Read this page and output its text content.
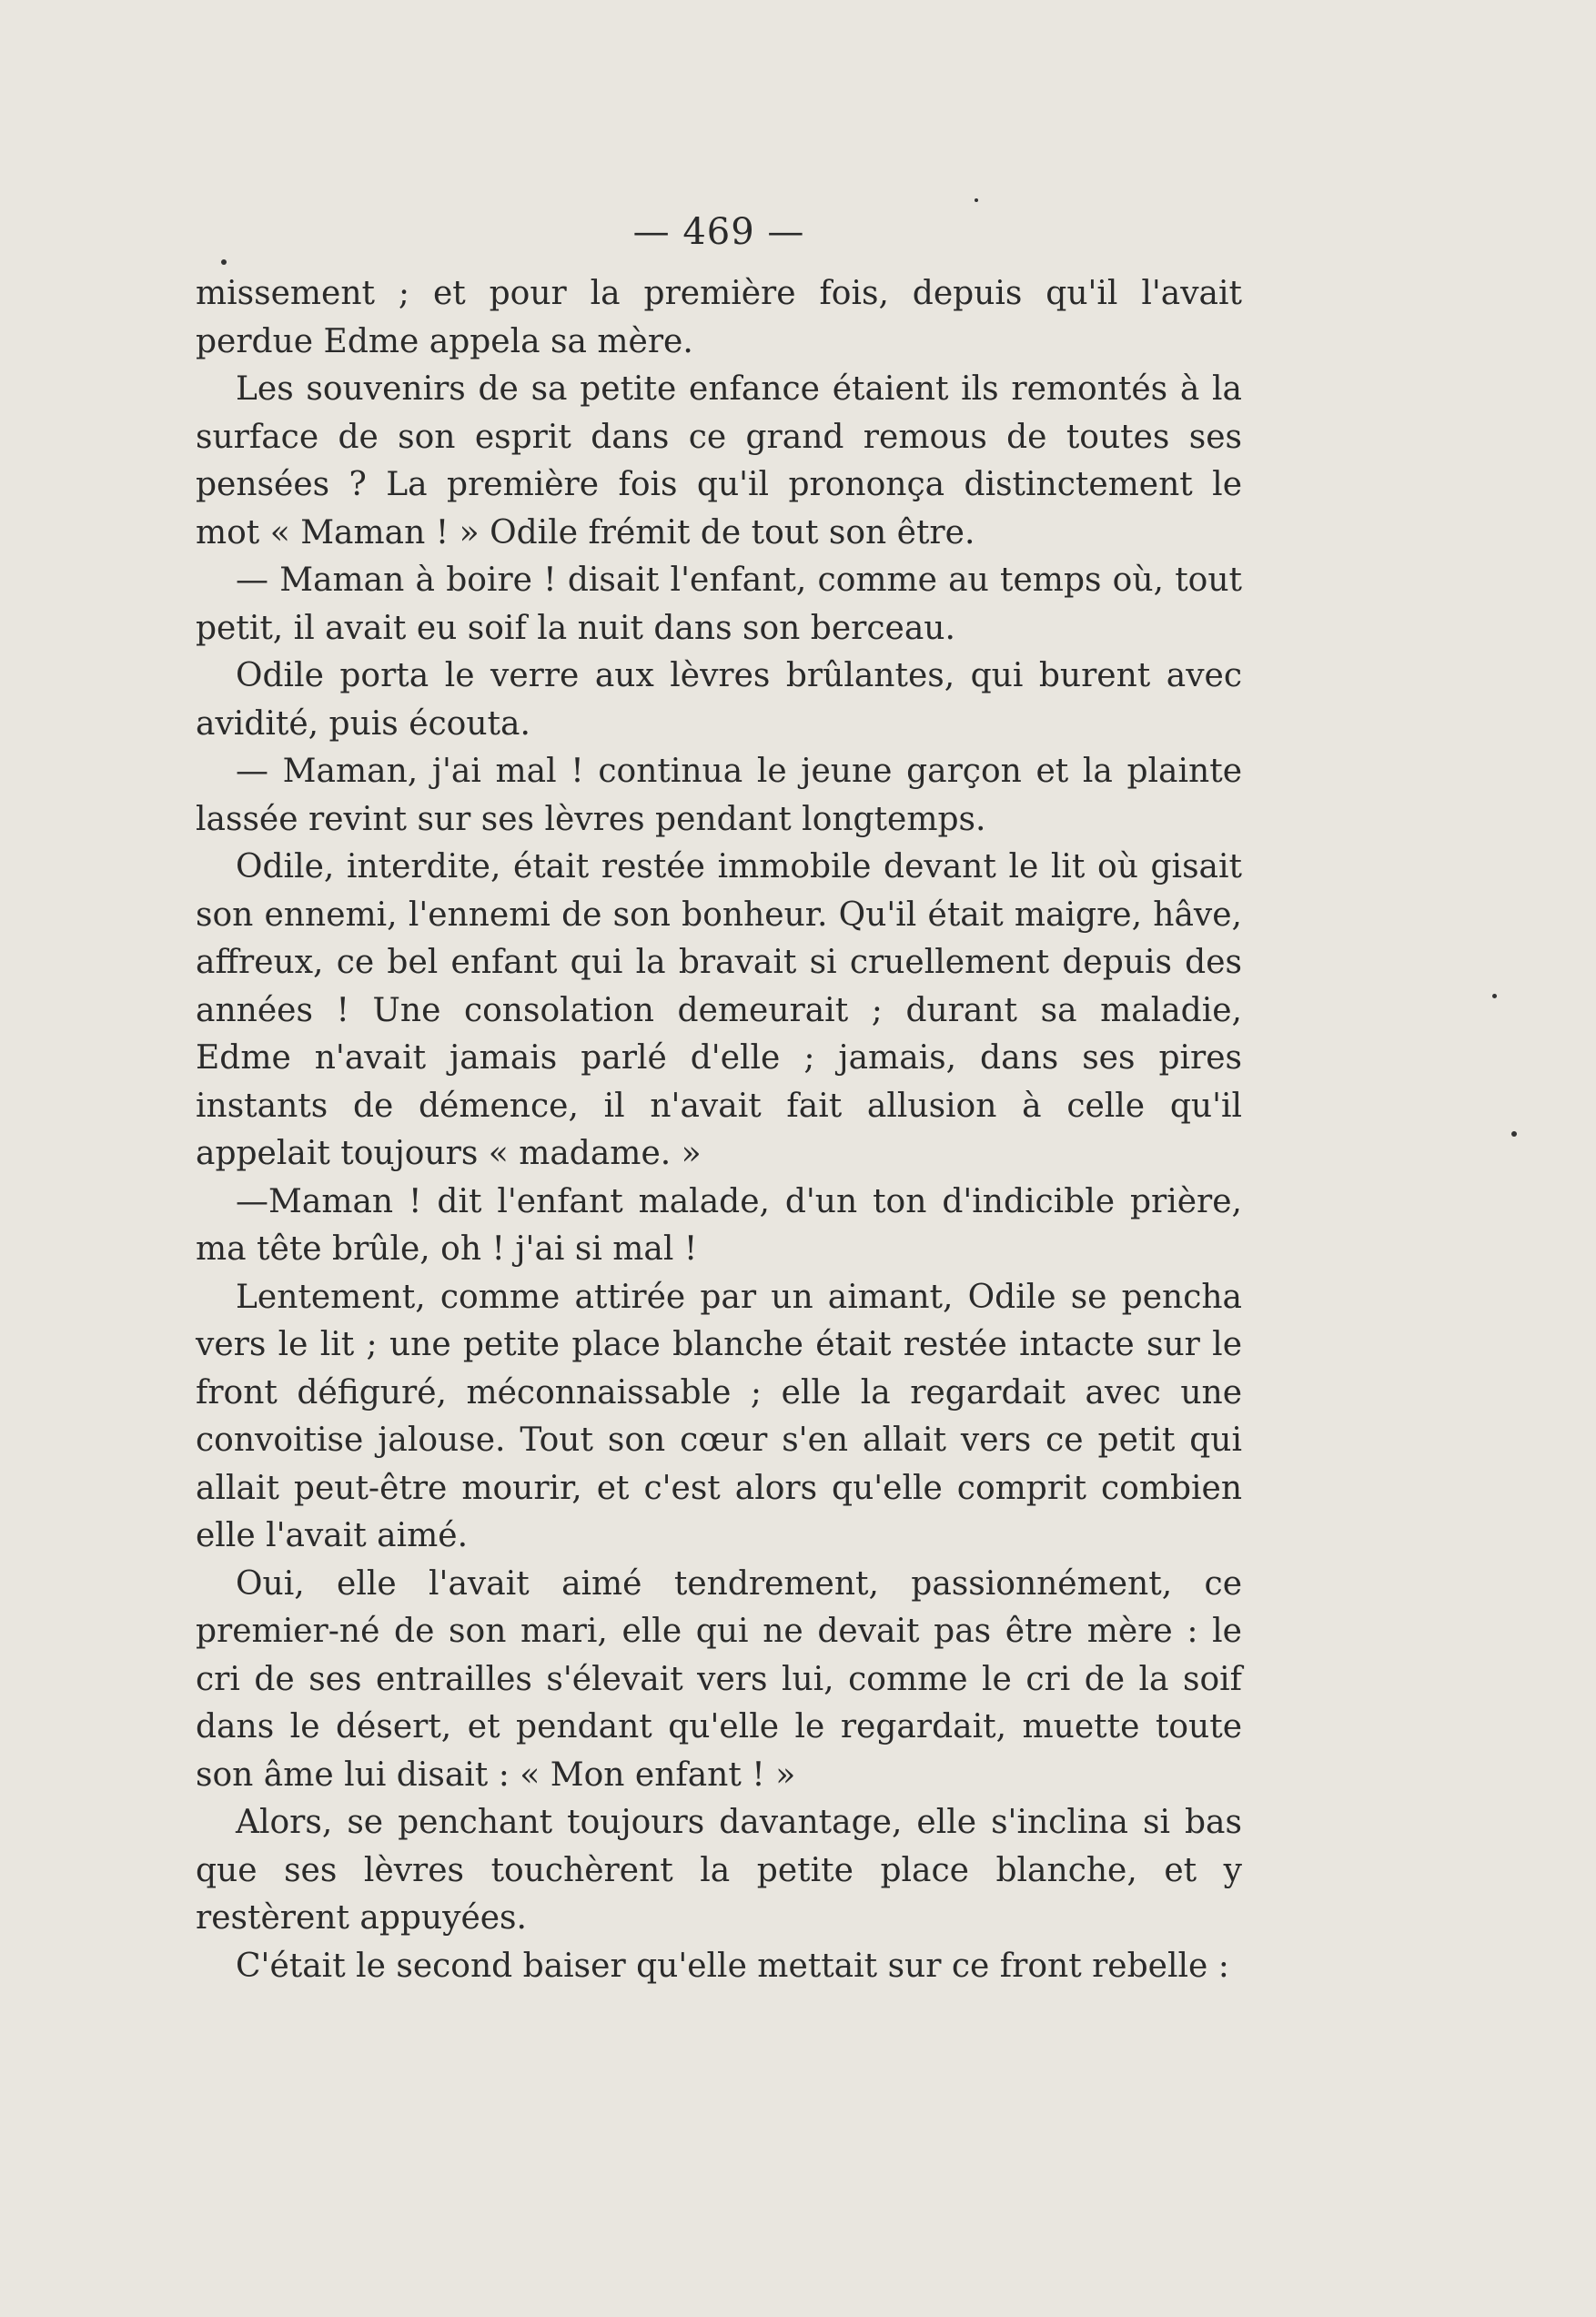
— 469 —

missement ; et pour la première fois, depuis qu'il l'avait perdue Edme appela sa mère.

Les souvenirs de sa petite enfance étaient ils remontés à la surface de son esprit dans ce grand remous de toutes ses pensées ? La première fois qu'il prononça distinctement le mot « Maman ! » Odile frémit de tout son être.

— Maman à boire ! disait l'enfant, comme au temps où, tout petit, il avait eu soif la nuit dans son berceau.

Odile porta le verre aux lèvres brûlantes, qui burent avec avidité, puis écouta.

— Maman, j'ai mal ! continua le jeune garçon et la plainte lassée revint sur ses lèvres pendant longtemps.

Odile, interdite, était restée immobile devant le lit où gisait son ennemi, l'ennemi de son bonheur. Qu'il était maigre, hâve, affreux, ce bel enfant qui la bravait si cruellement depuis des années ! Une consolation demeurait ; durant sa maladie, Edme n'avait jamais parlé d'elle ; jamais, dans ses pires instants de démence, il n'avait fait allusion à celle qu'il appelait toujours « madame. »

—Maman ! dit l'enfant malade, d'un ton d'indicible prière, ma tête brûle, oh ! j'ai si mal !

Lentement, comme attirée par un aimant, Odile se pencha vers le lit ; une petite place blanche était restée intacte sur le front défiguré, méconnaissable ; elle la regardait avec une convoitise jalouse. Tout son cœur s'en allait vers ce petit qui allait peut-être mourir, et c'est alors qu'elle comprit combien elle l'avait aimé.

Oui, elle l'avait aimé tendrement, passionnément, ce premier-né de son mari, elle qui ne devait pas être mère : le cri de ses entrailles s'élevait vers lui, comme le cri de la soif dans le désert, et pendant qu'elle le regardait, muette toute son âme lui disait : « Mon enfant ! »

Alors, se penchant toujours davantage, elle s'inclina si bas que ses lèvres touchèrent la petite place blanche, et y restèrent appuyées.

C'était le second baiser qu'elle mettait sur ce front rebelle :
